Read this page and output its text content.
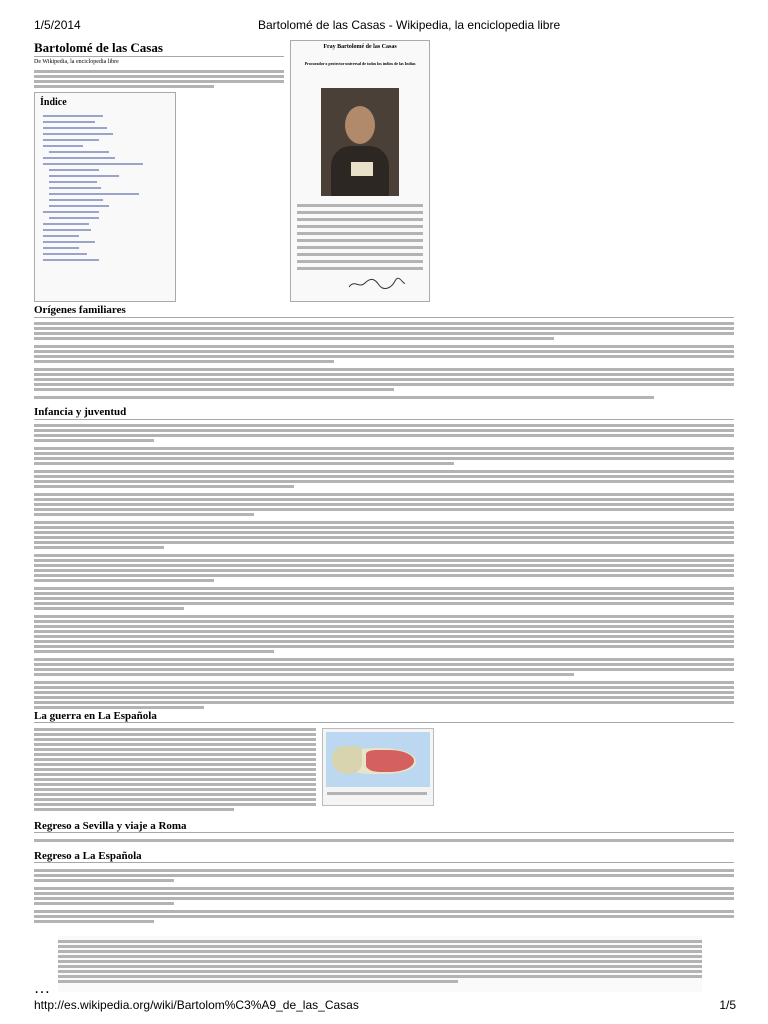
1/5/2014	Bartolomé de las Casas - Wikipedia, la enciclopedia libre
Bartolomé de las Casas
De Wikipedia, la enciclopedia libre
Índice
Fray Bartolomé de las Casas
Procurador o protector universal de todos los indios de las Indias
Orígenes familiares
Infancia y juventud
La guerra en La Española
Regreso a Sevilla y viaje a Roma
Regreso a La Española
…
http://es.wikipedia.org/wiki/Bartolom%C3%A9_de_las_Casas	1/5
